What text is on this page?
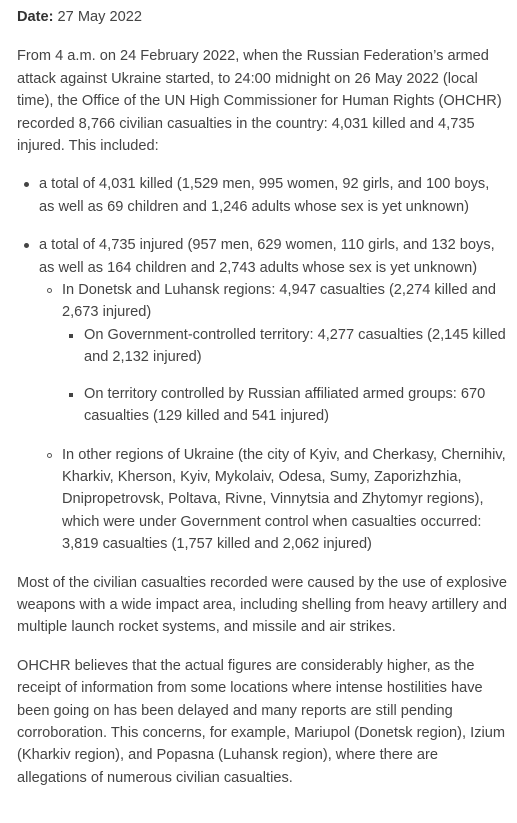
Date: 27 May 2022

From 4 a.m. on 24 February 2022, when the Russian Federation’s armed attack against Ukraine started, to 24:00 midnight on 26 May 2022 (local time), the Office of the UN High Commissioner for Human Rights (OHCHR) recorded 8,766 civilian casualties in the country: 4,031 killed and 4,735 injured. This included:

a total of 4,031 killed (1,529 men, 995 women, 92 girls, and 100 boys, as well as 69 children and 1,246 adults whose sex is yet unknown)
a total of 4,735 injured (957 men, 629 women, 110 girls, and 132 boys, as well as 164 children and 2,743 adults whose sex is yet unknown)
In Donetsk and Luhansk regions: 4,947 casualties (2,274 killed and 2,673 injured)
On Government-controlled territory: 4,277 casualties (2,145 killed and 2,132 injured)
On territory controlled by Russian affiliated armed groups: 670 casualties (129 killed and 541 injured)
In other regions of Ukraine (the city of Kyiv, and Cherkasy, Chernihiv, Kharkiv, Kherson, Kyiv, Mykolaiv, Odesa, Sumy, Zaporizhzhia, Dnipropetrovsk, Poltava, Rivne, Vinnytsia and Zhytomyr regions), which were under Government control when casualties occurred: 3,819 casualties (1,757 killed and 2,062 injured)

Most of the civilian casualties recorded were caused by the use of explosive weapons with a wide impact area, including shelling from heavy artillery and multiple launch rocket systems, and missile and air strikes.

OHCHR believes that the actual figures are considerably higher, as the receipt of information from some locations where intense hostilities have been going on has been delayed and many reports are still pending corroboration. This concerns, for example, Mariupol (Donetsk region), Izium (Kharkiv region), and Popasna (Luhansk region), where there are allegations of numerous civilian casualties.
